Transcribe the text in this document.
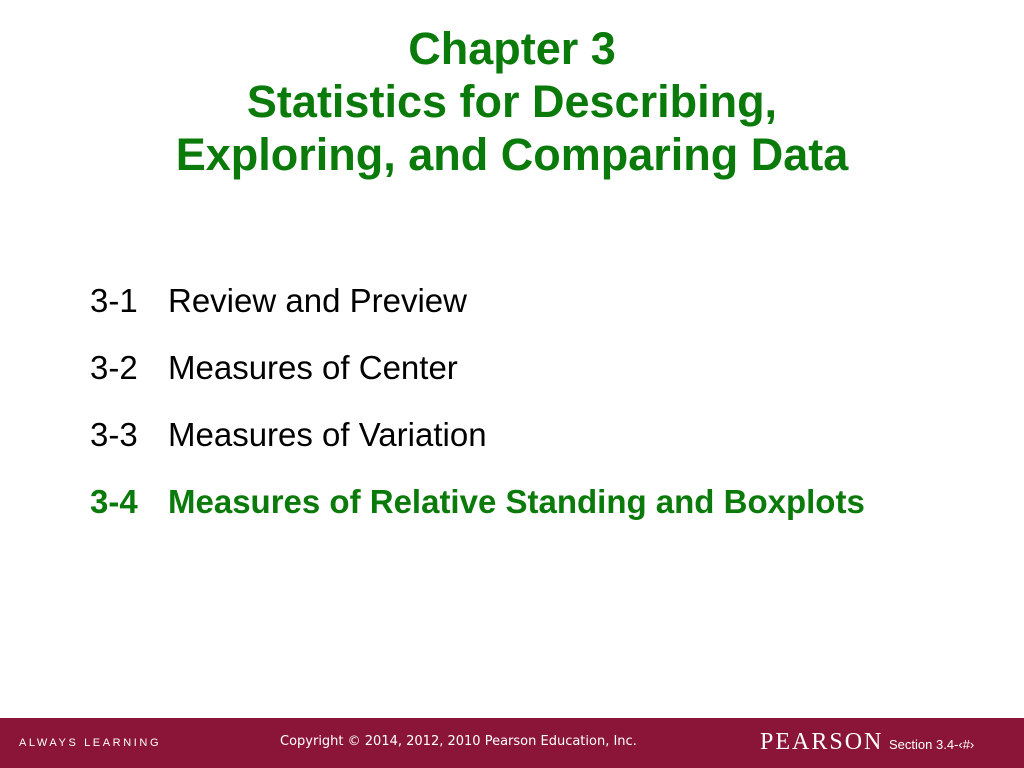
Chapter 3
Statistics for Describing,
Exploring, and Comparing Data
3-1 Review and Preview
3-2 Measures of Center
3-3 Measures of Variation
3-4 Measures of Relative Standing and Boxplots
ALWAYS LEARNING	Copyright © 2014, 2012, 2010 Pearson Education, Inc.	PEARSON Section 3.4-‹#›
